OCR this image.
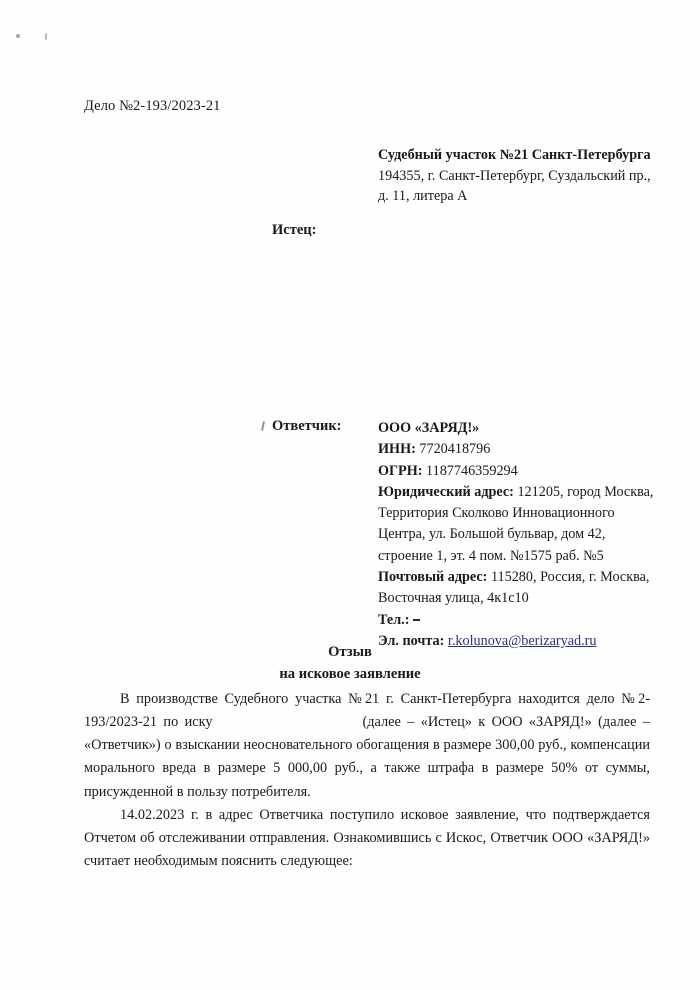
Дело №2-193/2023-21
Судебный участок №21 Санкт-Петербурга
194355, г. Санкт-Петербург, Суздальский пр.,
д. 11, литера А
Истец:
Ответчик:	ООО «ЗАРЯД!»
ИНН: 7720418796
ОГРН: 1187746359294
Юридический адрес: 121205, город Москва,
Территория Сколково Инновационного
Центра, ул. Большой бульвар, дом 42,
строение 1, эт. 4 пом. №1575 раб. №5
Почтовый адрес: 115280, Россия, г. Москва,
Восточная улица, 4к1с10
Тел.:
Эл. почта: r.kolunova@berizaryad.ru
Отзыв
на исковое заявление

В производстве Судебного участка №21 г. Санкт-Петербурга находится дело №2-193/2023-21 по иску	(далее – «Истец» к ООО «ЗАРЯД!» (далее – «Ответчик») о взыскании неосновательного обогащения в размере 300,00 руб., компенсации морального вреда в размере 5 000,00 руб., а также штрафа в размере 50% от суммы, присужденной в пользу потребителя.

14.02.2023 г. в адрес Ответчика поступило исковое заявление, что подтверждается Отчетом об отслеживании отправления. Ознакомившись с Искос, Ответчик ООО «ЗАРЯД!» считает необходимым пояснить следующее:
